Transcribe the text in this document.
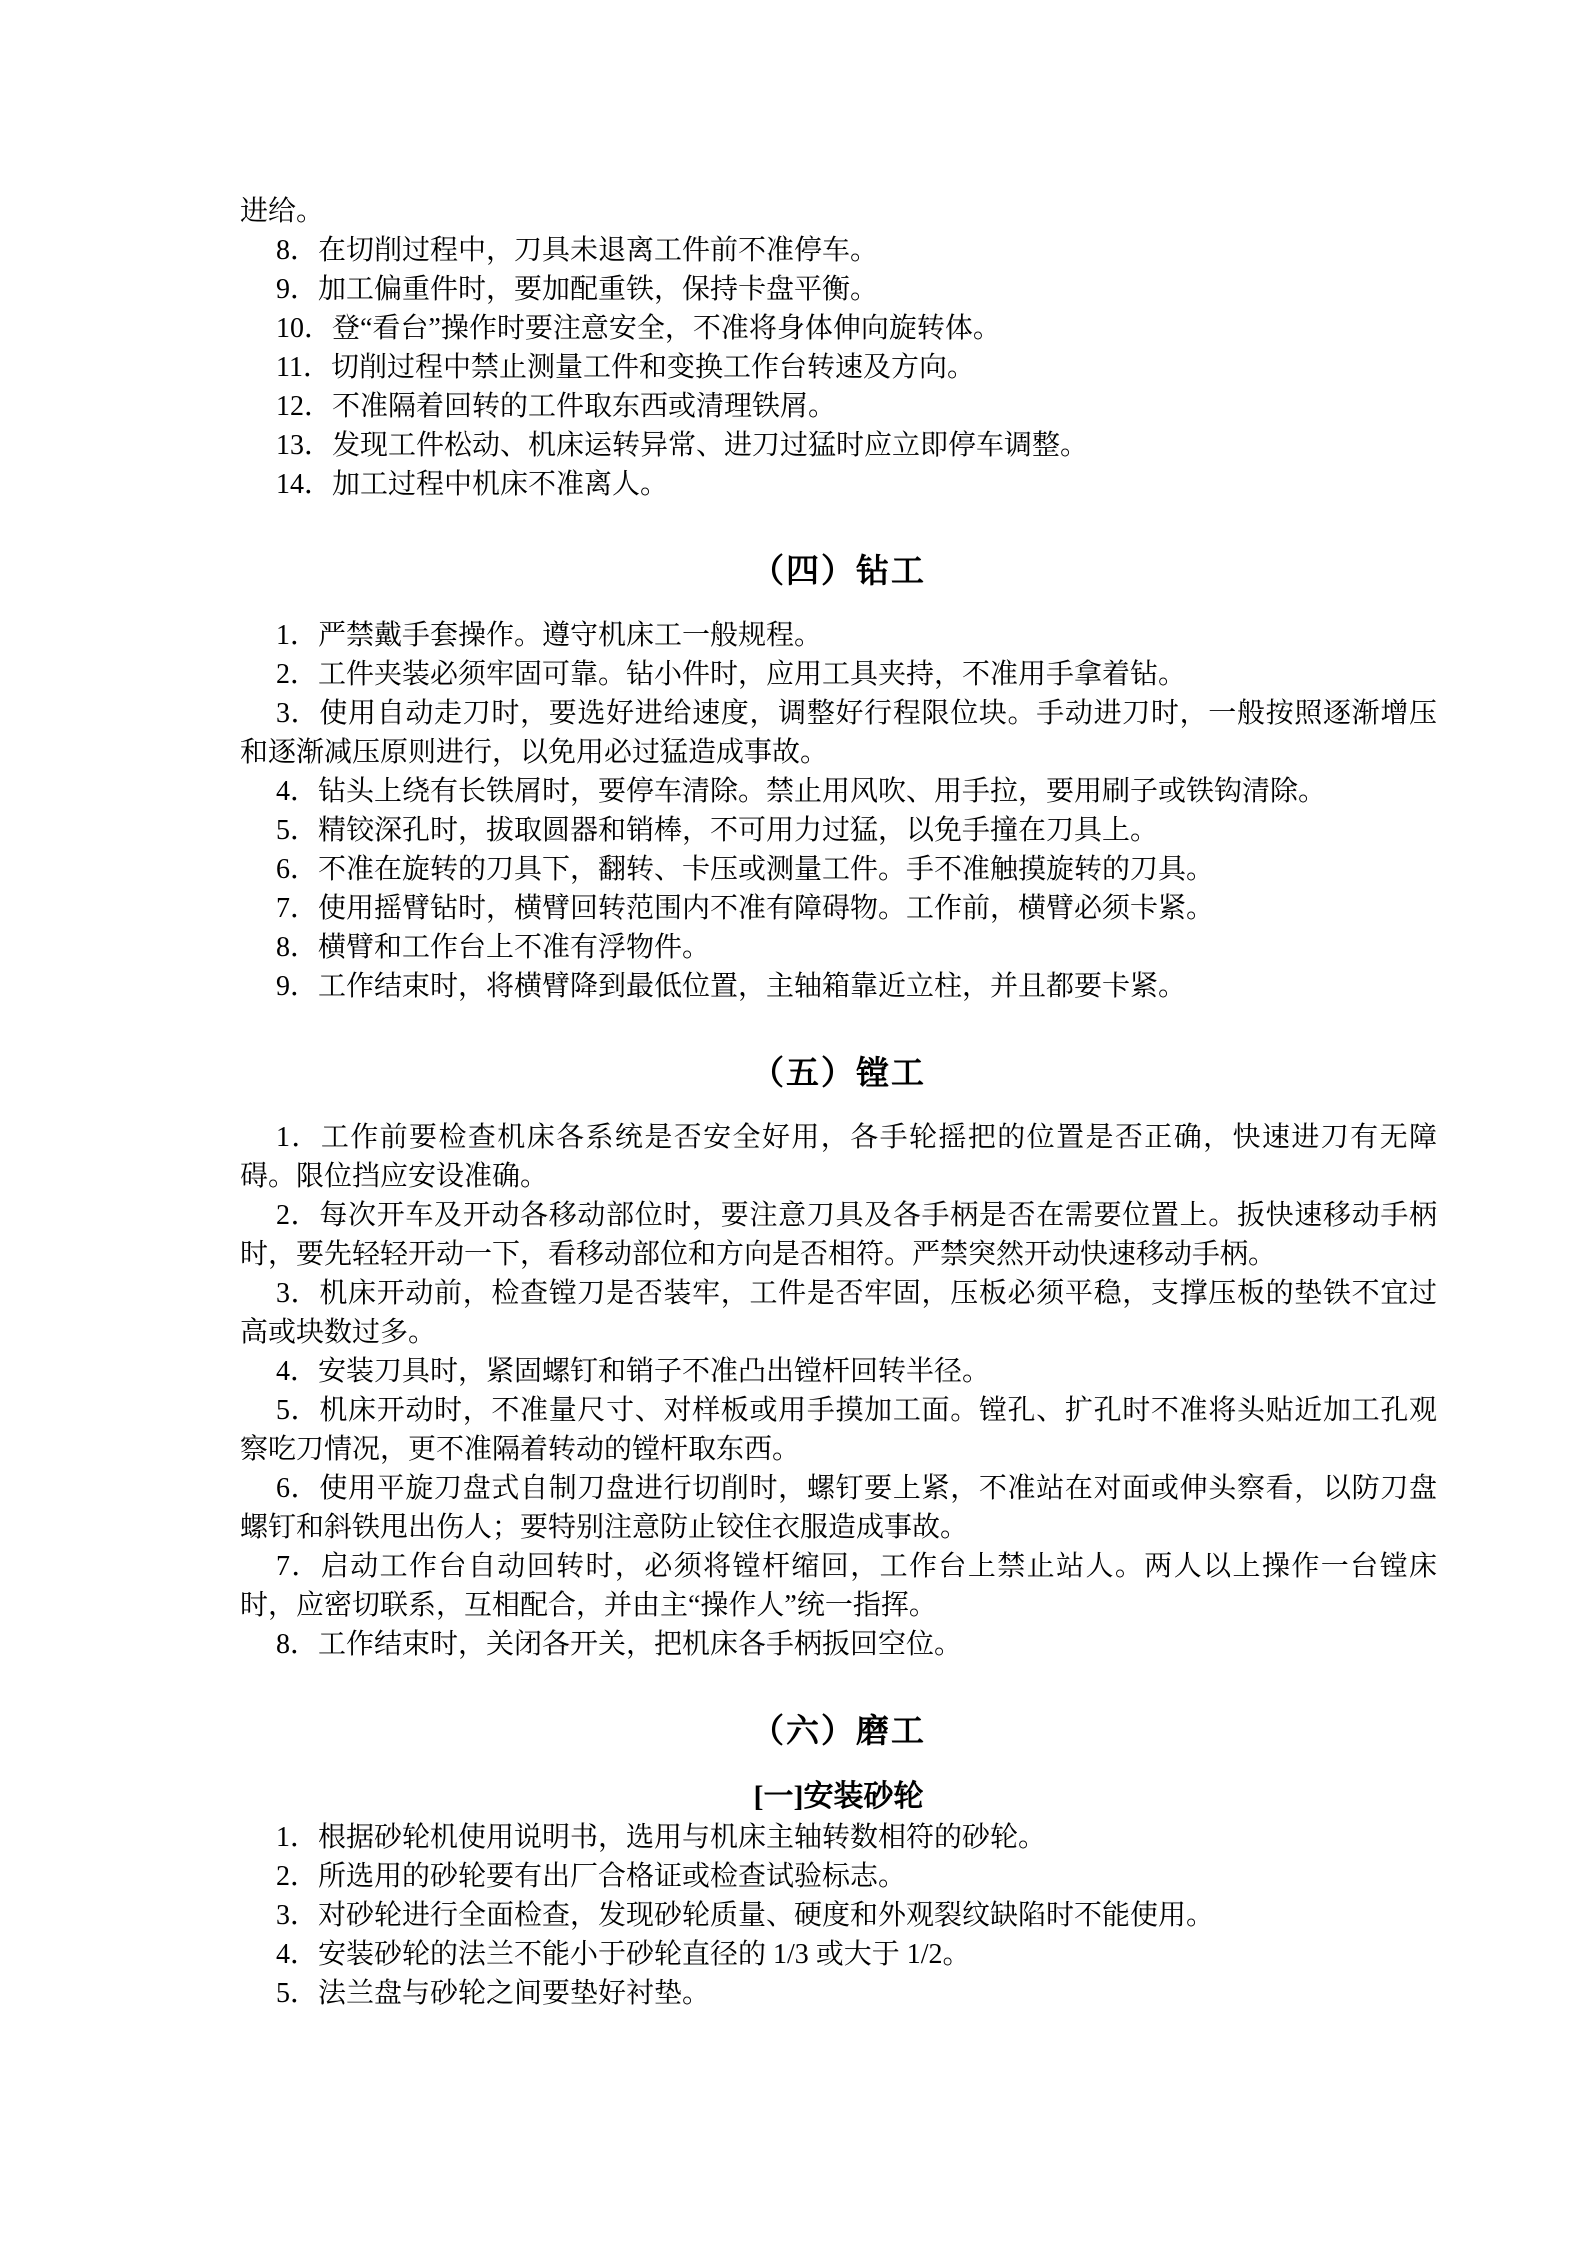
进给。

8．在切削过程中，刀具未退离工件前不准停车。

9．加工偏重件时，要加配重铁，保持卡盘平衡。

10．登“看台”操作时要注意安全，不准将身体伸向旋转体。

11．切削过程中禁止测量工件和变换工作台转速及方向。

12．不准隔着回转的工件取东西或清理铁屑。

13．发现工件松动、机床运转异常、进刀过猛时应立即停车调整。

14．加工过程中机床不准离人。

（四）钻工

1．严禁戴手套操作。遵守机床工一般规程。

2．工件夹装必须牢固可靠。钻小件时，应用工具夹持，不准用手拿着钻。

3．使用自动走刀时，要选好进给速度，调整好行程限位块。手动进刀时，一般按照逐渐增压和逐渐减压原则进行，以免用必过猛造成事故。

4．钻头上绕有长铁屑时，要停车清除。禁止用风吹、用手拉，要用刷子或铁钩清除。

5．精铰深孔时，拔取圆器和销棒，不可用力过猛，以免手撞在刀具上。

6．不准在旋转的刀具下，翻转、卡压或测量工件。手不准触摸旋转的刀具。

7．使用摇臂钻时，横臂回转范围内不准有障碍物。工作前，横臂必须卡紧。

8．横臂和工作台上不准有浮物件。

9．工作结束时，将横臂降到最低位置，主轴箱靠近立柱，并且都要卡紧。

（五）镗工

1．工作前要检查机床各系统是否安全好用，各手轮摇把的位置是否正确，快速进刀有无障碍。限位挡应安设准确。

2．每次开车及开动各移动部位时，要注意刀具及各手柄是否在需要位置上。扳快速移动手柄时，要先轻轻开动一下，看移动部位和方向是否相符。严禁突然开动快速移动手柄。

3．机床开动前，检查镗刀是否装牢，工件是否牢固，压板必须平稳，支撑压板的垫铁不宜过高或块数过多。

4．安装刀具时，紧固螺钉和销子不准凸出镗杆回转半径。

5．机床开动时，不准量尺寸、对样板或用手摸加工面。镗孔、扩孔时不准将头贴近加工孔观察吃刀情况，更不准隔着转动的镗杆取东西。

6．使用平旋刀盘式自制刀盘进行切削时，螺钉要上紧，不准站在对面或伸头察看，以防刀盘螺钉和斜铁甩出伤人；要特别注意防止铰住衣服造成事故。

7．启动工作台自动回转时，必须将镗杆缩回，工作台上禁止站人。两人以上操作一台镗床时，应密切联系，互相配合，并由主“操作人”统一指挥。

8．工作结束时，关闭各开关，把机床各手柄扳回空位。

（六）磨工
[一]安装砂轮

1．根据砂轮机使用说明书，选用与机床主轴转数相符的砂轮。

2．所选用的砂轮要有出厂合格证或检查试验标志。

3．对砂轮进行全面检查，发现砂轮质量、硬度和外观裂纹缺陷时不能使用。

4．安装砂轮的法兰不能小于砂轮直径的 1/3 或大于 1/2。

5．法兰盘与砂轮之间要垫好衬垫。
